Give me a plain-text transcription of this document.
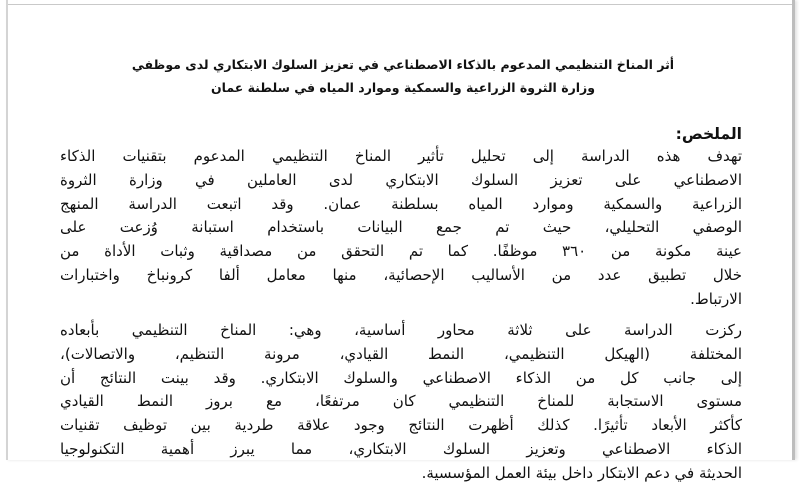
أثر المناخ التنظيمي المدعوم بالذكاء الاصطناعي في تعزيز السلوك الابتكاري لدى موظفي
وزارة الثروة الزراعية والسمكية وموارد المياه في سلطنة عمان
الملخص:
تهدف هذه الدراسة إلى تحليل تأثير المناخ التنظيمي المدعوم بتقنيات الذكاء
الاصطناعي على تعزيز السلوك الابتكاري لدى العاملين في وزارة الثروة
الزراعية والسمكية وموارد المياه بسلطنة عمان. وقد اتبعت الدراسة المنهج
الوصفي التحليلي، حيث تم جمع البيانات باستخدام استبانة وُزعت على
عينة مكونة من ٣٦٠ موظفًا. كما تم التحقق من مصداقية وثبات الأداة من
خلال تطبيق عدد من الأساليب الإحصائية، منها معامل ألفا كرونباخ واختبارات
الارتباط.
ركزت الدراسة على ثلاثة محاور أساسية، وهي: المناخ التنظيمي بأبعاده
المختلفة (الهيكل التنظيمي، النمط القيادي، مرونة التنظيم، والاتصالات)،
إلى جانب كل من الذكاء الاصطناعي والسلوك الابتكاري. وقد بينت النتائج أن
مستوى الاستجابة للمناخ التنظيمي كان مرتفعًا، مع بروز النمط القيادي
كأكثر الأبعاد تأثيرًا. كذلك أظهرت النتائج وجود علاقة طردية بين توظيف تقنيات
الذكاء الاصطناعي وتعزيز السلوك الابتكاري، مما يبرز أهمية التكنولوجيا
الحديثة في دعم الابتكار داخل بيئة العمل المؤسسية.
